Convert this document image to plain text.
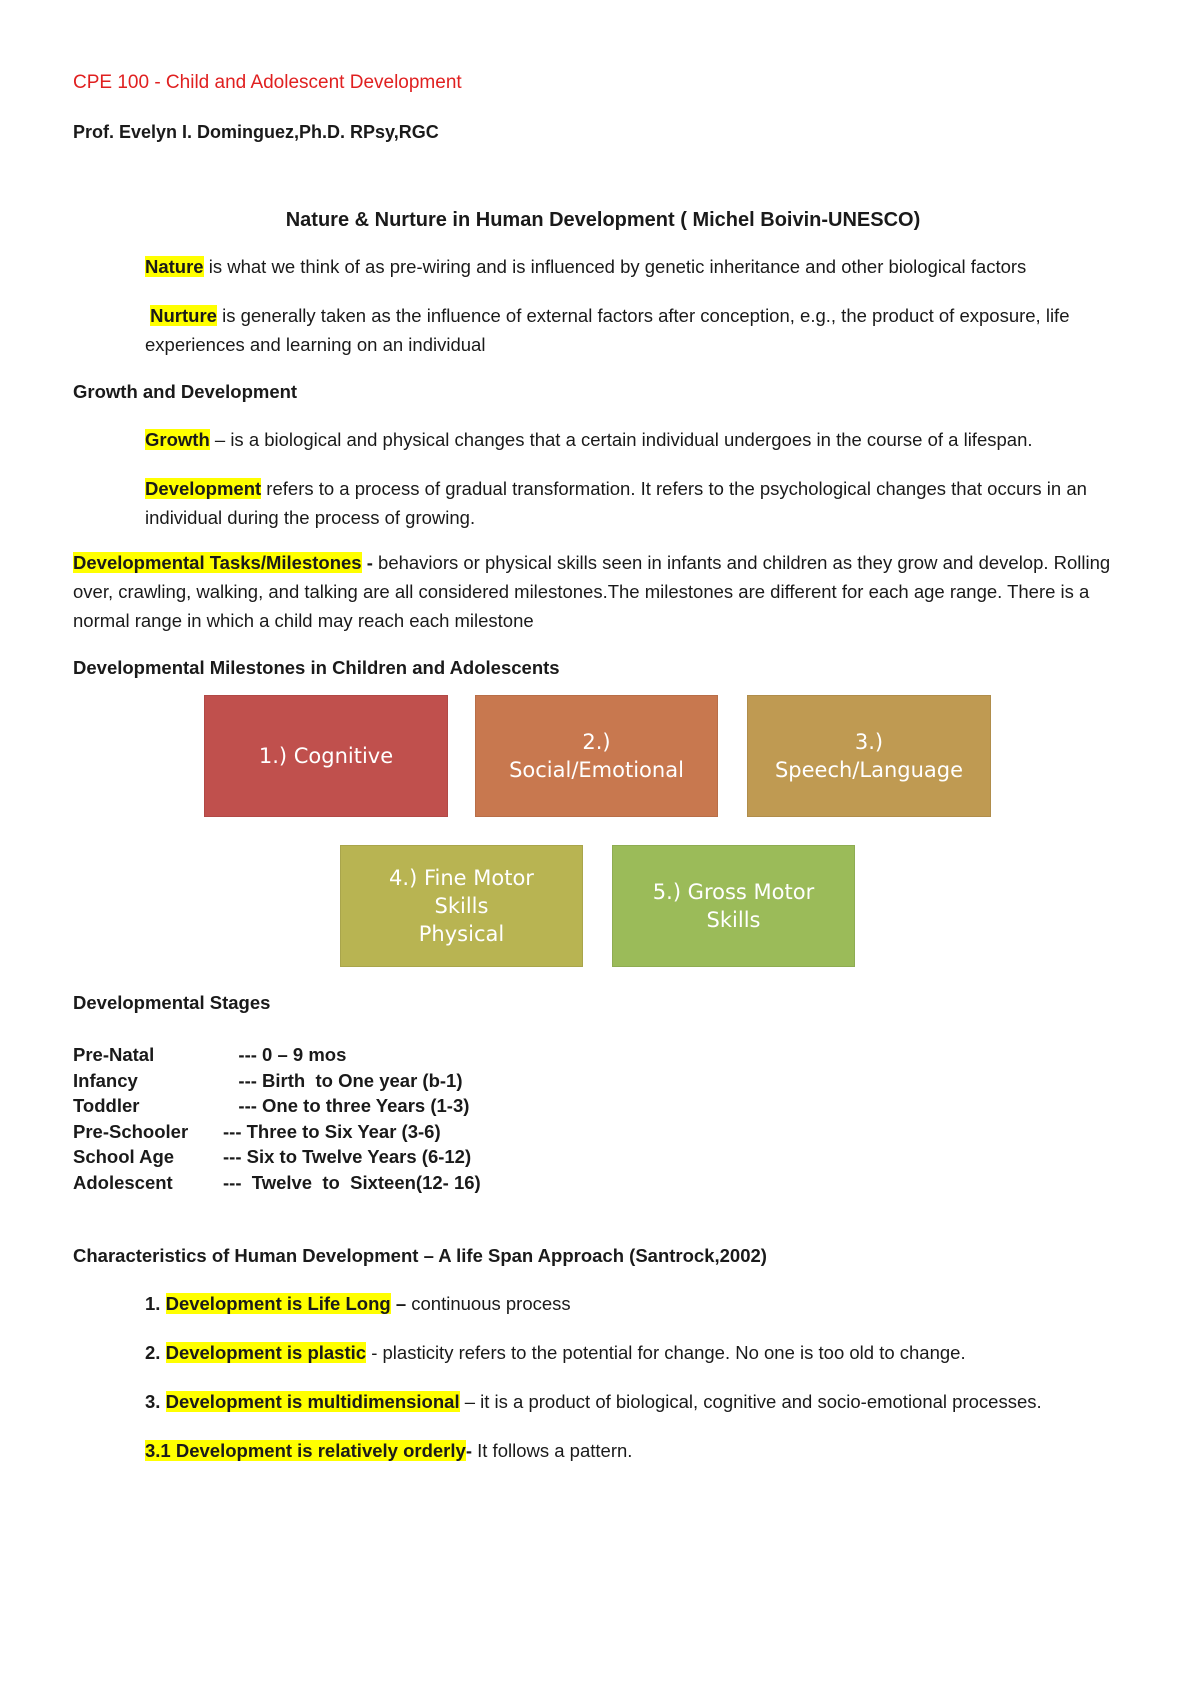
CPE 100 - Child and Adolescent Development

Prof. Evelyn I. Dominguez,Ph.D. RPsy,RGC
Nature & Nurture in Human Development ( Michel Boivin-UNESCO)
Nature is what we think of as pre-wiring and is influenced by genetic inheritance and other biological factors
Nurture is generally taken as the influence of external factors after conception, e.g., the product of exposure, life experiences and learning on an individual
Growth and Development
Growth – is a biological and physical changes that a certain individual undergoes in the course of a lifespan.
Development refers to a process of gradual transformation. It refers to the psychological changes that occurs in an individual during the process of growing.
Developmental Tasks/Milestones - behaviors or physical skills seen in infants and children as they grow and develop. Rolling over, crawling, walking, and talking are all considered milestones.The milestones are different for each age range. There is a normal range in which a child may reach each milestone
Developmental Milestones in Children and Adolescents
1.) Cognitive
2.)
Social/Emotional
3.)
Speech/Language
4.) Fine Motor
Skills
Physical
5.) Gross Motor
Skills
Developmental Stages
Pre-Natal	--- 0 – 9 mos
Infancy	--- Birth  to One year (b-1)
Toddler	--- One to three Years (1-3)
Pre-Schooler	--- Three to Six Year (3-6)
School Age	--- Six to Twelve Years (6-12)
Adolescent	---  Twelve  to  Sixteen(12- 16)
Characteristics of Human Development – A life Span Approach (Santrock,2002)
1. Development is Life Long – continuous process
2. Development is plastic - plasticity refers to the potential for change. No one is too old to change.
3. Development is multidimensional – it is a product of biological, cognitive and socio-emotional processes.
3.1 Development is relatively orderly- It follows a pattern.
